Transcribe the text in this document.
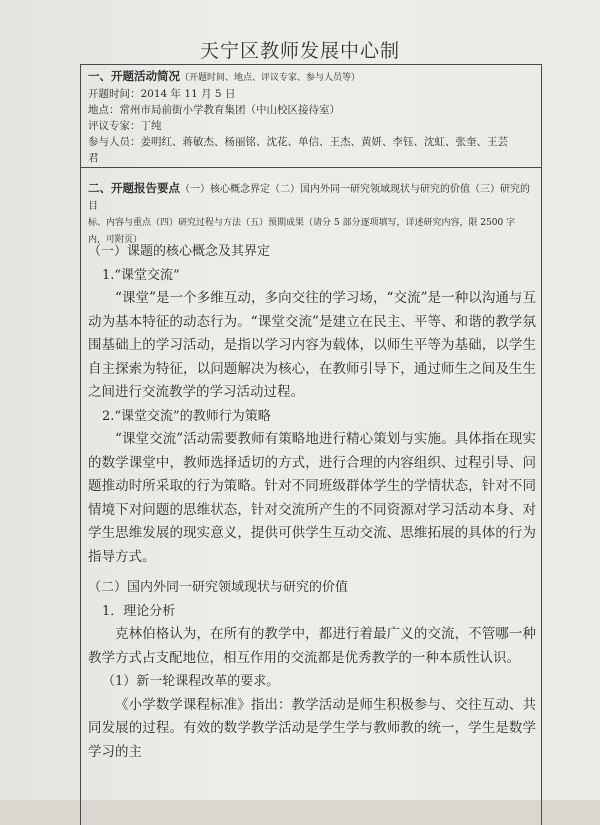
天宁区教师发展中心制
一、开题活动简况（开题时间、地点、评议专家、参与人员等）
开题时间：2014 年 11 月 5 日
地点：常州市局前街小学教育集团（中山校区接待室）
评议专家：丁纯
参与人员：姜明红、蒋敏杰、杨丽铭、沈花、单信、王杰、黄妍、李钰、沈虹、张奎、王芸
君
二、开题报告要点（一）核心概念界定（二）国内外同一研究领域现状与研究的价值（三）研究的目
标、内容与重点（四）研究过程与方法（五）预期成果（请分 5 部分逐项填写，详述研究内容，限 2500 字
内，可附页）
（一）课题的核心概念及其界定
1.“课堂交流”
“课堂”是一个多维互动，多向交往的学习场，“交流”是一种以沟通与互动为基本特征的动态行为。“课堂交流”是建立在民主、平等、和谐的教学氛围基础上的学习活动，是指以学习内容为载体，以师生平等为基础，以学生自主探索为特征，以问题解决为核心，在教师引导下，通过师生之间及生生之间进行交流教学的学习活动过程。
2.“课堂交流”的教师行为策略
“课堂交流”活动需要教师有策略地进行精心策划与实施。具体指在现实的数学课堂中，教师选择适切的方式，进行合理的内容组织、过程引导、问题推动时所采取的行为策略。针对不同班级群体学生的学情状态，针对不同情境下对问题的思维状态，针对交流所产生的不同资源对学习活动本身、对学生思维发展的现实意义，提供可供学生互动交流、思维拓展的具体的行为指导方式。
（二）国内外同一研究领域现状与研究的价值
1．理论分析
克林伯格认为，在所有的教学中，都进行着最广义的交流，不管哪一种教学方式占支配地位，相互作用的交流都是优秀教学的一种本质性认识。
（1）新一轮课程改革的要求。
《小学数学课程标准》指出：教学活动是师生积极参与、交往互动、共同发展的过程。有效的数学教学活动是学生学与教师教的统一，学生是数学学习的主
